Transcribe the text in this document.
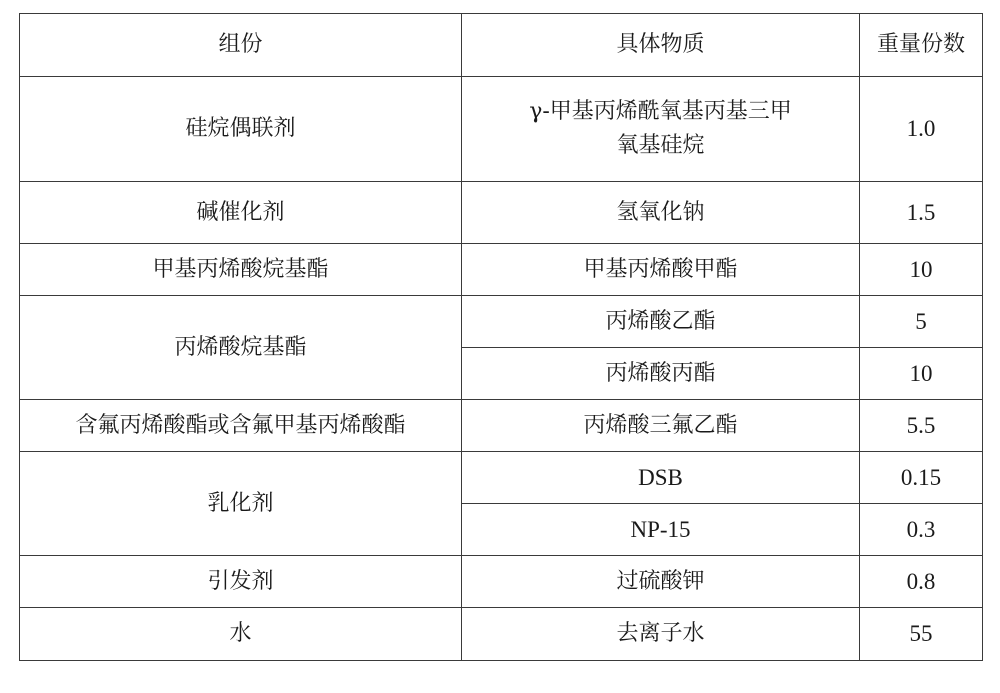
组份	具体物质	重量份数
硅烷偶联剂	γ-甲基丙烯酰氧基丙基三甲氧基硅烷	1.0
碱催化剂	氢氧化钠	1.5
甲基丙烯酸烷基酯	甲基丙烯酸甲酯	10
丙烯酸烷基酯	丙烯酸乙酯	5
	丙烯酸丙酯	10
含氟丙烯酸酯或含氟甲基丙烯酸酯	丙烯酸三氟乙酯	5.5
乳化剂	DSB	0.15
	NP-15	0.3
引发剂	过硫酸钾	0.8
水	去离子水	55
